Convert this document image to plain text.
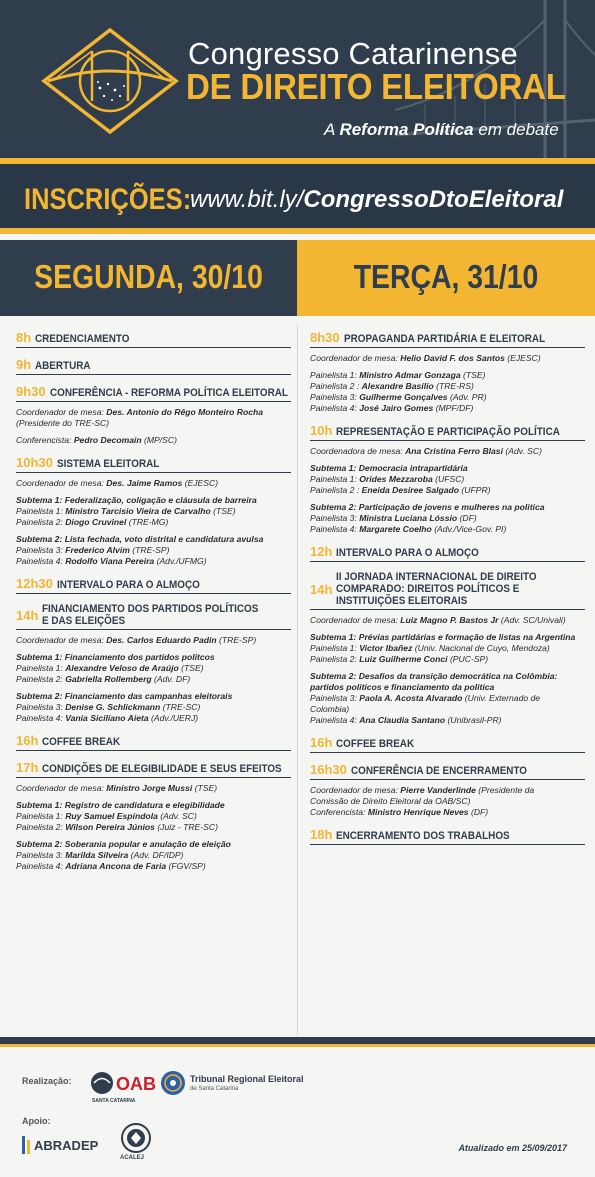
Congresso Catarinense
DE DIREITO ELEITORAL
A Reforma Política em debate
INSCRIÇÕES:
www.bit.ly/CongressoDtoEleitoral
SEGUNDA, 30/10	TERÇA, 31/10
8h CREDENCIAMENTO
9h ABERTURA
9h30 CONFERÊNCIA - REFORMA POLÍTICA ELEITORAL
Coordenador de mesa: Des. Antonio do Rêgo Monteiro Rocha
(Presidente do TRE-SC)
Conferencista: Pedro Decomain (MP/SC)
10h30 SISTEMA ELEITORAL
Coordenador de mesa: Des. Jaime Ramos (EJESC)
Subtema 1: Federalização, coligação e cláusula de barreira
Painelista 1: Ministro Tarcisio Vieira de Carvalho (TSE)
Painelista 2: Diogo Cruvinel (TRE-MG)
Subtema 2: Lista fechada, voto distrital e candidatura avulsa
Painelista 3: Frederico Alvim (TRE-SP)
Painelista 4: Rodolfo Viana Pereira (Adv./UFMG)
12h30 INTERVALO PARA O ALMOÇO
14h FINANCIAMENTO DOS PARTIDOS POLÍTICOS E DAS ELEIÇÕES
Coordenador de mesa: Des. Carlos Eduardo Padin (TRE-SP)
Subtema 1: Financiamento dos partidos politcos
Painelista 1: Alexandre Veloso de Araújo (TSE)
Painelista 2: Gabriella Rollemberg (Adv. DF)
Subtema 2: Financiamento das campanhas eleitorais
Painelista 3: Denise G. Schlickmann (TRE-SC)
Painelista 4: Vania Siciliano Aieta (Adv./UERJ)
16h COFFEE BREAK
17h CONDIÇÕES DE ELEGIBILIDADE E SEUS EFEITOS
Coordenador de mesa: Ministro Jorge Mussi (TSE)
Subtema 1: Registro de candidatura e elegibilidade
Painelista 1: Ruy Samuel Espíndola (Adv. SC)
Painelista 2: Wilson Pereira Júnios (Juiz - TRE-SC)
Subtema 2: Soberania popular e anulação de eleição
Painelista 3: Marilda Silveira (Adv. DF/IDP)
Painelista 4: Adriana Ancona de Faria (FGV/SP)
8h30 PROPAGANDA PARTIDÁRIA E ELEITORAL
Coordenador de mesa: Helio David F. dos Santos (EJESC)
Painelista 1: Ministro Admar Gonzaga (TSE)
Painelista 2 : Alexandre Basílio (TRE-RS)
Painelista 3: Guilherme Gonçalves (Adv. PR)
Painelista 4: José Jairo Gomes (MPF/DF)
10h REPRESENTAÇÃO E PARTICIPAÇÃO POLÍTICA
Coordenadora de mesa: Ana Cristina Ferro Blasi (Adv. SC)
Subtema 1: Democracia intrapartidária
Painelista 1: Orides Mezzaroba (UFSC)
Painelista 2 : Eneida Desiree Salgado (UFPR)
Subtema 2: Participação de jovens e mulheres na politica
Painelista 3: Ministra Luciana Lóssio (DF)
Painelista 4: Margarete Coelho (Adv./Vice-Gov. PI)
12h INTERVALO PARA O ALMOÇO
14h
II JORNADA INTERNACIONAL DE DIREITO COMPARADO: DIREITOS POLÍTICOS E INSTITUIÇÕES ELEITORAIS
Coordenador de mesa: Luiz Magno P. Bastos Jr (Adv. SC/Univali)
Subtema 1: Prévias partidárias e formação de listas na Argentina
Painelista 1: Victor Ibañez (Univ. Nacional de Cuyo, Mendoza)
Painelista 2: Luiz Guilherme Conci (PUC-SP)
Subtema 2: Desafios da transição democrática na Colômbia:
partidos politicos e financiamento da politica
Painelista 3: Paola A. Acosta Alvarado (Univ. Externado de
Colombia)
Painelista 4: Ana Claudia Santano (Unibrasil-PR)
16h COFFEE BREAK
16h30 CONFERÊNCIA DE ENCERRAMENTO
Coordenador de mesa: Pierre Vanderlinde (Presidente da
Comissão de Direito Eleitoral da OAB/SC)
Conferencista: Ministro Henrique Neves (DF)
18h ENCERRAMENTO DOS TRABALHOS
Realização: OAB
SANTA CATARINA
Tribunal Regional Eleitoral
de Santa Catarina
Apoio:
ABRADEP
ACALEJ
Atualizado em 25/09/2017
